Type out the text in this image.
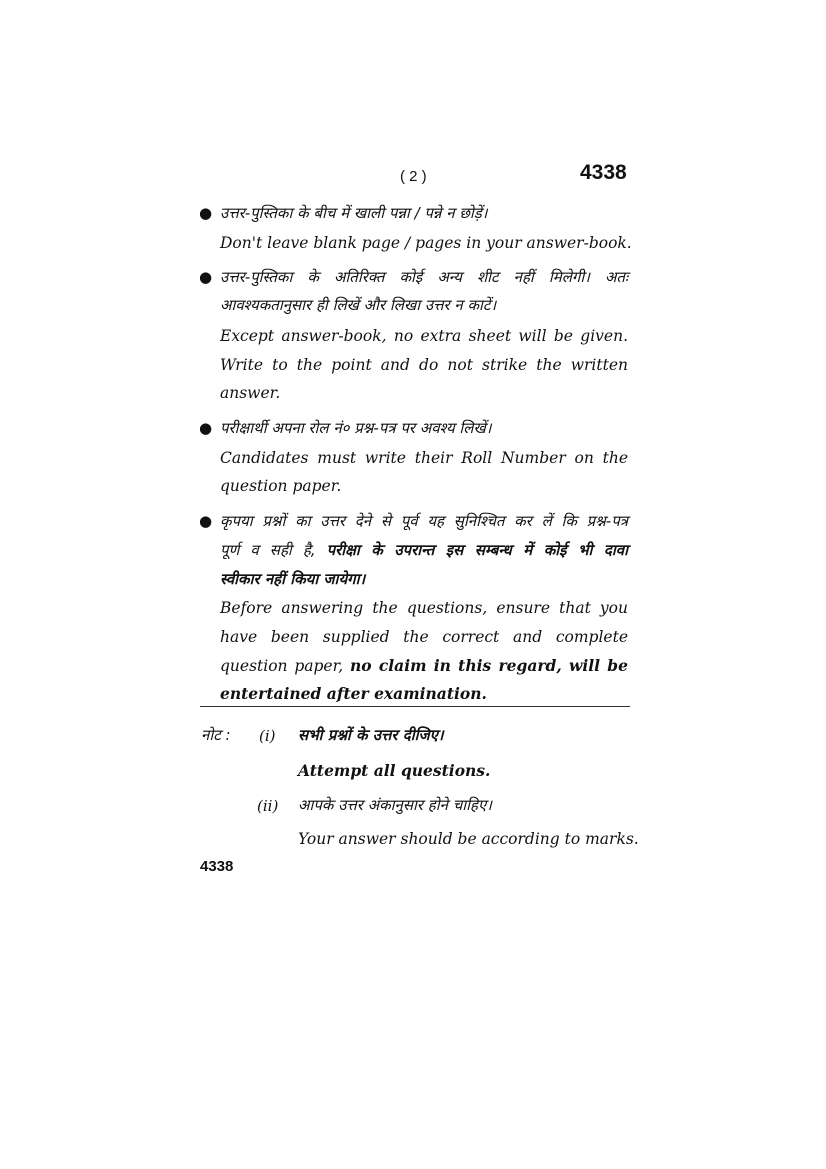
( 2 )	4338
● उत्तर-पुस्तिका के बीच में खाली पन्ना / पन्ने न छोड़ें।
Don't leave blank page / pages in your answer-book.
● उत्तर-पुस्तिका के अतिरिक्त कोई अन्य शीट नहीं मिलेगी। अतः
आवश्यकतानुसार ही लिखें और लिखा उत्तर न काटें।
Except answer-book, no extra sheet will be given.
Write to the point and do not strike the written
answer.
● परीक्षार्थी अपना रोल नं० प्रश्न-पत्र पर अवश्य लिखें।
Candidates must write their Roll Number on the
question paper.
● कृपया प्रश्नों का उत्तर देने से पूर्व यह सुनिश्चित कर लें कि प्रश्न-पत्र
पूर्ण व सही है, परीक्षा के उपरान्त इस सम्बन्ध में कोई भी दावा
स्वीकार नहीं किया जायेगा।
Before answering the questions, ensure that you
have been supplied the correct and complete
question paper, no claim in this regard, will be
entertained after examination.
नोट : (i) सभी प्रश्नों के उत्तर दीजिए।
Attempt all questions.
(ii) आपके उत्तर अंकानुसार होने चाहिए।
Your answer should be according to marks.
4338
